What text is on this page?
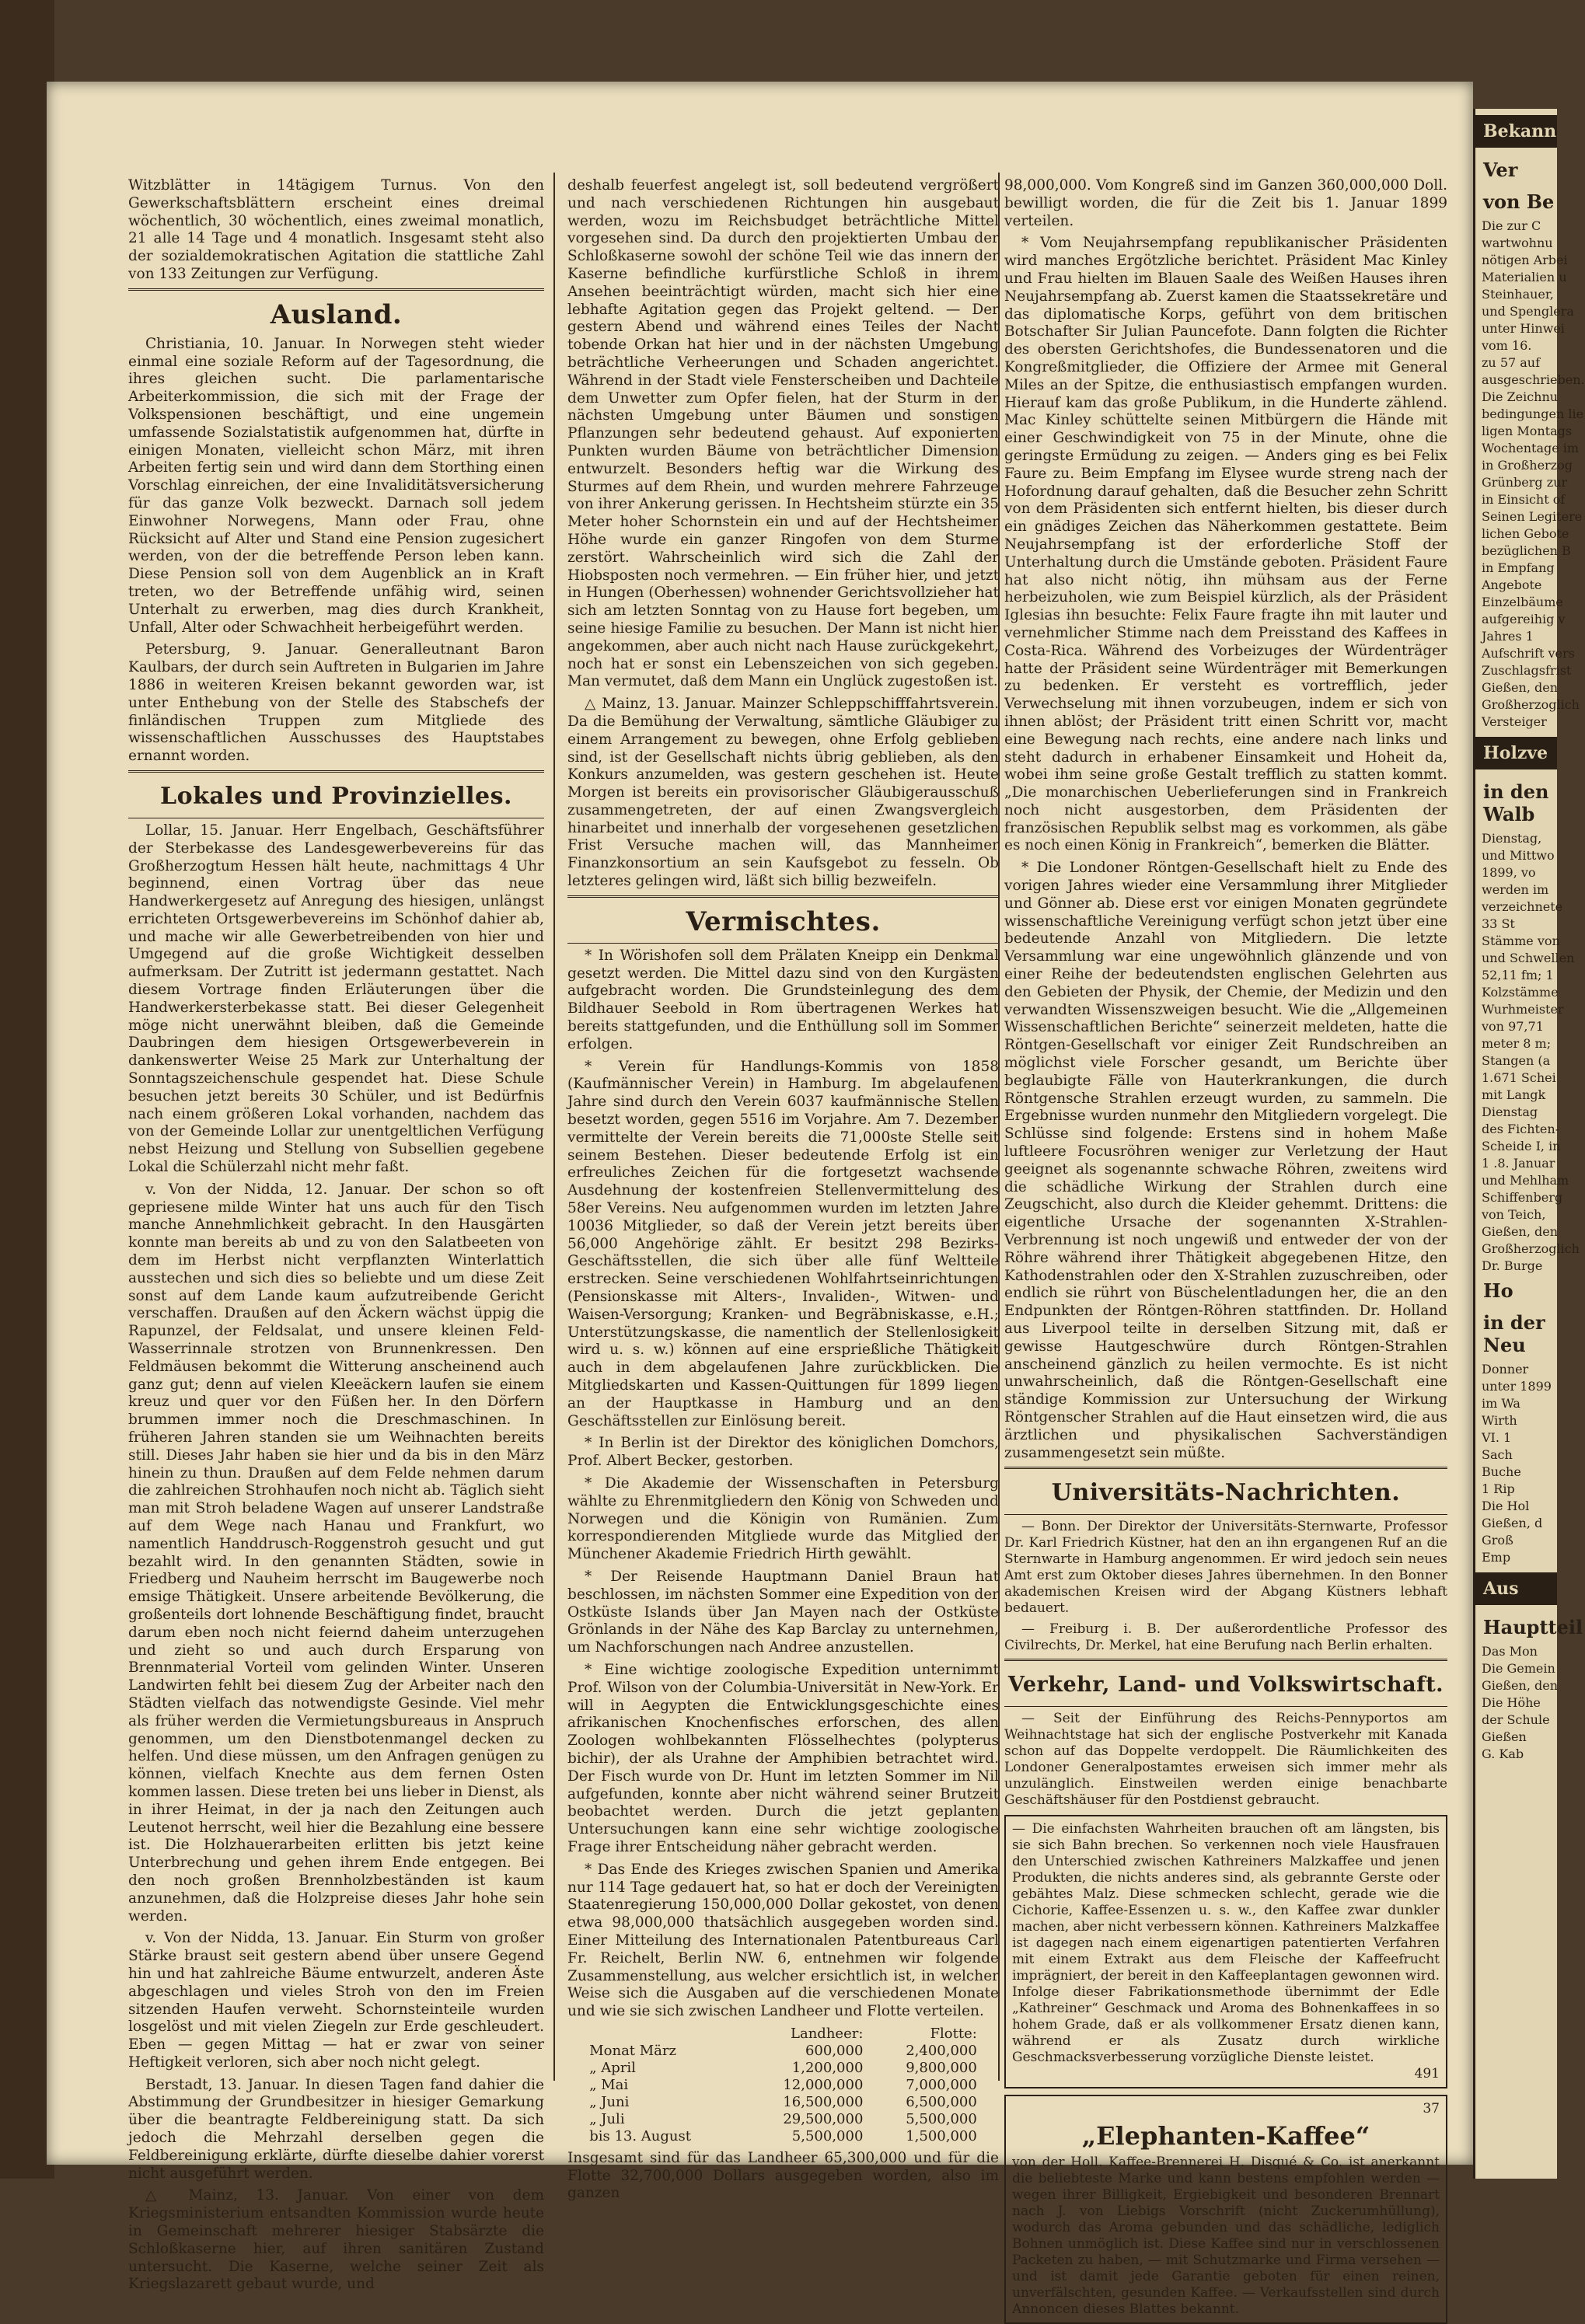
Witzblätter in 14tägigem Turnus. Von den Gewerkschaftsblättern erscheint eines dreimal wöchentlich, 30 wöchentlich, eines zweimal monatlich, 21 alle 14 Tage und 4 monatlich. Insgesamt steht also der sozialdemokratischen Agitation die stattliche Zahl von 133 Zeitungen zur Verfügung.

Ausland.

Christiania, 10. Januar. In Norwegen steht wieder einmal eine soziale Reform auf der Tagesordnung, die ihres gleichen sucht. Die parlamentarische Arbeiterkommission, die sich mit der Frage der Volkspensionen beschäftigt, und eine ungemein umfassende Sozialstatistik aufgenommen hat, dürfte in einigen Monaten, vielleicht schon März, mit ihren Arbeiten fertig sein und wird dann dem Storthing einen Vorschlag einreichen, der eine Invaliditätsversicherung für das ganze Volk bezweckt. Darnach soll jedem Einwohner Norwegens, Mann oder Frau, ohne Rücksicht auf Alter und Stand eine Pension zugesichert werden, von der die betreffende Person leben kann. Diese Pension soll von dem Augenblick an in Kraft treten, wo der Betreffende unfähig wird, seinen Unterhalt zu erwerben, mag dies durch Krankheit, Unfall, Alter oder Schwachheit herbeigeführt werden.

Petersburg, 9. Januar. Generalleutnant Baron Kaulbars, der durch sein Auftreten in Bulgarien im Jahre 1886 in weiteren Kreisen bekannt geworden war, ist unter Enthebung von der Stelle des Stabschefs der finländischen Truppen zum Mitgliede des wissenschaftlichen Ausschusses des Hauptstabes ernannt worden.

Lokales und Provinzielles.

Lollar, 15. Januar. Herr Engelbach, Geschäftsführer der Sterbekasse des Landesgewerbevereins für das Großherzogtum Hessen hält heute, nachmittags 4 Uhr beginnend, einen Vortrag über das neue Handwerkergesetz auf Anregung des hiesigen, unlängst errichteten Ortsgewerbevereins im Schönhof dahier ab, und mache wir alle Gewerbetreibenden von hier und Umgegend auf die große Wichtigkeit desselben aufmerksam. Der Zutritt ist jedermann gestattet. Nach diesem Vortrage finden Erläuterungen über die Handwerkersterbekasse statt. Bei dieser Gelegenheit möge nicht unerwähnt bleiben, daß die Gemeinde Daubringen dem hiesigen Ortsgewerbeverein in dankenswerter Weise 25 Mark zur Unterhaltung der Sonntagszeichenschule gespendet hat. Diese Schule besuchen jetzt bereits 30 Schüler, und ist Bedürfnis nach einem größeren Lokal vorhanden, nachdem das von der Gemeinde Lollar zur unentgeltlichen Verfügung nebst Heizung und Stellung von Subsellien gegebene Lokal die Schülerzahl nicht mehr faßt.

v. Von der Nidda, 12. Januar. Der schon so oft gepriesene milde Winter hat uns auch für den Tisch manche Annehmlichkeit gebracht. In den Hausgärten konnte man bereits ab und zu von den Salatbeeten von dem im Herbst nicht verpflanzten Winterlattich ausstechen und sich dies so beliebte und um diese Zeit sonst auf dem Lande kaum aufzutreibende Gericht verschaffen. Draußen auf den Äckern wächst üppig die Rapunzel, der Feldsalat, und unsere kleinen Feld-Wasserrinnale strotzen von Brunnenkressen. Den Feldmäusen bekommt die Witterung anscheinend auch ganz gut; denn auf vielen Kleeäckern laufen sie einem kreuz und quer vor den Füßen her. In den Dörfern brummen immer noch die Dreschmaschinen. In früheren Jahren standen sie um Weihnachten bereits still. Dieses Jahr haben sie hier und da bis in den März hinein zu thun. Draußen auf dem Felde nehmen darum die zahlreichen Strohhaufen noch nicht ab. Täglich sieht man mit Stroh beladene Wagen auf unserer Landstraße auf dem Wege nach Hanau und Frankfurt, wo namentlich Handdrusch-Roggenstroh gesucht und gut bezahlt wird. In den genannten Städten, sowie in Friedberg und Nauheim herrscht im Baugewerbe noch emsige Thätigkeit. Unsere arbeitende Bevölkerung, die großenteils dort lohnende Beschäftigung findet, braucht darum eben noch nicht feiernd daheim unterzugehen und zieht so und auch durch Ersparung von Brennmaterial Vorteil vom gelinden Winter. Unseren Landwirten fehlt bei diesem Zug der Arbeiter nach den Städten vielfach das notwendigste Gesinde. Viel mehr als früher werden die Vermietungsbureaus in Anspruch genommen, um den Dienstbotenmangel decken zu helfen. Und diese müssen, um den Anfragen genügen zu können, vielfach Knechte aus dem fernen Osten kommen lassen. Diese treten bei uns lieber in Dienst, als in ihrer Heimat, in der ja nach den Zeitungen auch Leutenot herrscht, weil hier die Bezahlung eine bessere ist. Die Holzhauerarbeiten erlitten bis jetzt keine Unterbrechung und gehen ihrem Ende entgegen. Bei den noch großen Brennholzbeständen ist kaum anzunehmen, daß die Holzpreise dieses Jahr hohe sein werden.

v. Von der Nidda, 13. Januar. Ein Sturm von großer Stärke braust seit gestern abend über unsere Gegend hin und hat zahlreiche Bäume entwurzelt, anderen Äste abgeschlagen und vieles Stroh von den im Freien sitzenden Haufen verweht. Schornsteinteile wurden losgelöst und mit vielen Ziegeln zur Erde geschleudert. Eben — gegen Mittag — hat er zwar von seiner Heftigkeit verloren, sich aber noch nicht gelegt.

Berstadt, 13. Januar. In diesen Tagen fand dahier die Abstimmung der Grundbesitzer in hiesiger Gemarkung über die beantragte Feldbereinigung statt. Da sich jedoch die Mehrzahl derselben gegen die Feldbereinigung erklärte, dürfte dieselbe dahier vorerst nicht ausgeführt werden.

△ Mainz, 13. Januar. Von einer von dem Kriegsministerium entsandten Kommission wurde heute in Gemeinschaft mehrerer hiesiger Stabsärzte die Schloßkaserne hier, auf ihren sanitären Zustand untersucht. Die Kaserne, welche seiner Zeit als Kriegslazarett gebaut wurde, und

deshalb feuerfest angelegt ist, soll bedeutend vergrößert und nach verschiedenen Richtungen hin ausgebaut werden, wozu im Reichsbudget beträchtliche Mittel vorgesehen sind. Da durch den projektierten Umbau der Schloßkaserne sowohl der schöne Teil wie das innern der Kaserne befindliche kurfürstliche Schloß in ihrem Ansehen beeinträchtigt würden, macht sich hier eine lebhafte Agitation gegen das Projekt geltend. — Der gestern Abend und während eines Teiles der Nacht tobende Orkan hat hier und in der nächsten Umgebung beträchtliche Verheerungen und Schaden angerichtet. Während in der Stadt viele Fensterscheiben und Dachteile dem Unwetter zum Opfer fielen, hat der Sturm in der nächsten Umgebung unter Bäumen und sonstigen Pflanzungen sehr bedeutend gehaust. Auf exponierten Punkten wurden Bäume von beträchtlicher Dimension entwurzelt. Besonders heftig war die Wirkung des Sturmes auf dem Rhein, und wurden mehrere Fahrzeuge von ihrer Ankerung gerissen. In Hechtsheim stürzte ein 35 Meter hoher Schornstein ein und auf der Hechtsheimer Höhe wurde ein ganzer Ringofen von dem Sturme zerstört. Wahrscheinlich wird sich die Zahl der Hiobsposten noch vermehren. — Ein früher hier, und jetzt in Hungen (Oberhessen) wohnender Gerichtsvollzieher hat sich am letzten Sonntag von zu Hause fort begeben, um seine hiesige Familie zu besuchen. Der Mann ist nicht hier angekommen, aber auch nicht nach Hause zurückgekehrt, noch hat er sonst ein Lebenszeichen von sich gegeben. Man vermutet, daß dem Mann ein Unglück zugestoßen ist.

△ Mainz, 13. Januar. Mainzer Schleppschifffahrtsverein. Da die Bemühung der Verwaltung, sämtliche Gläubiger zu einem Arrangement zu bewegen, ohne Erfolg geblieben sind, ist der Gesellschaft nichts übrig geblieben, als den Konkurs anzumelden, was gestern geschehen ist. Heute Morgen ist bereits ein provisorischer Gläubigerausschuß zusammengetreten, der auf einen Zwangsvergleich hinarbeitet und innerhalb der vorgesehenen gesetzlichen Frist Versuche machen will, das Mannheimer Finanzkonsortium an sein Kaufsgebot zu fesseln. Ob letzteres gelingen wird, läßt sich billig bezweifeln.

Vermischtes.

* In Wörishofen soll dem Prälaten Kneipp ein Denkmal gesetzt werden. Die Mittel dazu sind von den Kurgästen aufgebracht worden. Die Grundsteinlegung des dem Bildhauer Seebold in Rom übertragenen Werkes hat bereits stattgefunden, und die Enthüllung soll im Sommer erfolgen.

* Verein für Handlungs-Kommis von 1858 (Kaufmännischer Verein) in Hamburg. Im abgelaufenen Jahre sind durch den Verein 6037 kaufmännische Stellen besetzt worden, gegen 5516 im Vorjahre. Am 7. Dezember vermittelte der Verein bereits die 71,000ste Stelle seit seinem Bestehen. Dieser bedeutende Erfolg ist ein erfreuliches Zeichen für die fortgesetzt wachsende Ausdehnung der kostenfreien Stellenvermittelung des 58er Vereins. Neu aufgenommen wurden im letzten Jahre 10036 Mitglieder, so daß der Verein jetzt bereits über 56,000 Angehörige zählt. Er besitzt 298 Bezirks-Geschäftsstellen, die sich über alle fünf Weltteile erstrecken. Seine verschiedenen Wohlfahrtseinrichtungen (Pensionskasse mit Alters-, Invaliden-, Witwen- und Waisen-Versorgung; Kranken- und Begräbniskasse, e.H.; Unterstützungskasse, die namentlich der Stellenlosigkeit wird u. s. w.) können auf eine ersprießliche Thätigkeit auch in dem abgelaufenen Jahre zurückblicken. Die Mitgliedskarten und Kassen-Quittungen für 1899 liegen an der Hauptkasse in Hamburg und an den Geschäftsstellen zur Einlösung bereit.

* In Berlin ist der Direktor des königlichen Domchors, Prof. Albert Becker, gestorben.

* Die Akademie der Wissenschaften in Petersburg wählte zu Ehrenmitgliedern den König von Schweden und Norwegen und die Königin von Rumänien. Zum korrespondierenden Mitgliede wurde das Mitglied der Münchener Akademie Friedrich Hirth gewählt.

* Der Reisende Hauptmann Daniel Braun hat beschlossen, im nächsten Sommer eine Expedition von der Ostküste Islands über Jan Mayen nach der Ostküste Grönlands in der Nähe des Kap Barclay zu unternehmen, um Nachforschungen nach Andree anzustellen.

* Eine wichtige zoologische Expedition unternimmt Prof. Wilson von der Columbia-Universität in New-York. Er will in Aegypten die Entwicklungsgeschichte eines afrikanischen Knochenfisches erforschen, des allen Zoologen wohlbekannten Flösselhechtes (polypterus bichir), der als Urahne der Amphibien betrachtet wird. Der Fisch wurde von Dr. Hunt im letzten Sommer im Nil aufgefunden, konnte aber nicht während seiner Brutzeit beobachtet werden. Durch die jetzt geplanten Untersuchungen kann eine sehr wichtige zoologische Frage ihrer Entscheidung näher gebracht werden.

* Das Ende des Krieges zwischen Spanien und Amerika nur 114 Tage gedauert hat, so hat er doch der Vereinigten Staatenregierung 150,000,000 Dollar gekostet, von denen etwa 98,000,000 thatsächlich ausgegeben worden sind. Einer Mitteilung des Internationalen Patentbureaus Carl Fr. Reichelt, Berlin NW. 6, entnehmen wir folgende Zusammenstellung, aus welcher ersichtlich ist, in welcher Weise sich die Ausgaben auf die verschiedenen Monate und wie sie sich zwischen Landheer und Flotte verteilen.

	Landheer:	Flotte:
Monat März	600,000	2,400,000
„ April	1,200,000	9,800,000
„ Mai	12,000,000	7,000,000
„ Juni	16,500,000	6,500,000
„ Juli	29,500,000	5,500,000
bis 13. August	5,500,000	1,500,000

Insgesamt sind für das Landheer 65,300,000 und für die Flotte 32,700,000 Dollars ausgegeben worden, also im ganzen

98,000,000. Vom Kongreß sind im Ganzen 360,000,000 Doll. bewilligt worden, die für die Zeit bis 1. Januar 1899 verteilen.

* Vom Neujahrsempfang republikanischer Präsidenten wird manches Ergötzliche berichtet. Präsident Mac Kinley und Frau hielten im Blauen Saale des Weißen Hauses ihren Neujahrsempfang ab. Zuerst kamen die Staatssekretäre und das diplomatische Korps, geführt von dem britischen Botschafter Sir Julian Pauncefote. Dann folgten die Richter des obersten Gerichtshofes, die Bundessenatoren und die Kongreßmitglieder, die Offiziere der Armee mit General Miles an der Spitze, die enthusiastisch empfangen wurden. Hierauf kam das große Publikum, in die Hunderte zählend. Mac Kinley schüttelte seinen Mitbürgern die Hände mit einer Geschwindigkeit von 75 in der Minute, ohne die geringste Ermüdung zu zeigen. — Anders ging es bei Felix Faure zu. Beim Empfang im Elysee wurde streng nach der Hofordnung darauf gehalten, daß die Besucher zehn Schritt von dem Präsidenten sich entfernt hielten, bis dieser durch ein gnädiges Zeichen das Näherkommen gestattete. Beim Neujahrsempfang ist der erforderliche Stoff der Unterhaltung durch die Umstände geboten. Präsident Faure hat also nicht nötig, ihn mühsam aus der Ferne herbeizuholen, wie zum Beispiel kürzlich, als der Präsident Iglesias ihn besuchte: Felix Faure fragte ihn mit lauter und vernehmlicher Stimme nach dem Preisstand des Kaffees in Costa-Rica. Während des Vorbeizuges der Würdenträger hatte der Präsident seine Würdenträger mit Bemerkungen zu bedenken. Er versteht es vortrefflich, jeder Verwechselung mit ihnen vorzubeugen, indem er sich von ihnen ablöst; der Präsident tritt einen Schritt vor, macht eine Bewegung nach rechts, eine andere nach links und steht dadurch in erhabener Einsamkeit und Hoheit da, wobei ihm seine große Gestalt trefflich zu statten kommt. „Die monarchischen Ueberlieferungen sind in Frankreich noch nicht ausgestorben, dem Präsidenten der französischen Republik selbst mag es vorkommen, als gäbe es noch einen König in Frankreich“, bemerken die Blätter.

* Die Londoner Röntgen-Gesellschaft hielt zu Ende des vorigen Jahres wieder eine Versammlung ihrer Mitglieder und Gönner ab. Diese erst vor einigen Monaten gegründete wissenschaftliche Vereinigung verfügt schon jetzt über eine bedeutende Anzahl von Mitgliedern. Die letzte Versammlung war eine ungewöhnlich glänzende und von einer Reihe der bedeutendsten englischen Gelehrten aus den Gebieten der Physik, der Chemie, der Medizin und den verwandten Wissenszweigen besucht. Wie die „Allgemeinen Wissenschaftlichen Berichte“ seinerzeit meldeten, hatte die Röntgen-Gesellschaft vor einiger Zeit Rundschreiben an möglichst viele Forscher gesandt, um Berichte über beglaubigte Fälle von Hauterkrankungen, die durch Röntgensche Strahlen erzeugt wurden, zu sammeln. Die Ergebnisse wurden nunmehr den Mitgliedern vorgelegt. Die Schlüsse sind folgende: Erstens sind in hohem Maße luftleere Focusröhren weniger zur Verletzung der Haut geeignet als sogenannte schwache Röhren, zweitens wird die schädliche Wirkung der Strahlen durch eine Zeugschicht, also durch die Kleider gehemmt. Drittens: die eigentliche Ursache der sogenannten X-Strahlen-Verbrennung ist noch ungewiß und entweder der von der Röhre während ihrer Thätigkeit abgegebenen Hitze, den Kathodenstrahlen oder den X-Strahlen zuzuschreiben, oder endlich sie rührt von Büschelentladungen her, die an den Endpunkten der Röntgen-Röhren stattfinden. Dr. Holland aus Liverpool teilte in derselben Sitzung mit, daß er gewisse Hautgeschwüre durch Röntgen-Strahlen anscheinend gänzlich zu heilen vermochte. Es ist nicht unwahrscheinlich, daß die Röntgen-Gesellschaft eine ständige Kommission zur Untersuchung der Wirkung Röntgenscher Strahlen auf die Haut einsetzen wird, die aus ärztlichen und physikalischen Sachverständigen zusammengesetzt sein müßte.

Universitäts-Nachrichten.

— Bonn. Der Direktor der Universitäts-Sternwarte, Professor Dr. Karl Friedrich Küstner, hat den an ihn ergangenen Ruf an die Sternwarte in Hamburg angenommen. Er wird jedoch sein neues Amt erst zum Oktober dieses Jahres übernehmen. In den Bonner akademischen Kreisen wird der Abgang Küstners lebhaft bedauert.

— Freiburg i. B. Der außerordentliche Professor des Civilrechts, Dr. Merkel, hat eine Berufung nach Berlin erhalten.

Verkehr, Land- und Volkswirtschaft.

— Seit der Einführung des Reichs-Pennyportos am Weihnachtstage hat sich der englische Postverkehr mit Kanada schon auf das Doppelte verdoppelt. Die Räumlichkeiten des Londoner Generalpostamtes erweisen sich immer mehr als unzulänglich. Einstweilen werden einige benachbarte Geschäftshäuser für den Postdienst gebraucht.

— Die einfachsten Wahrheiten brauchen oft am längsten, bis sie sich Bahn brechen. So verkennen noch viele Hausfrauen den Unterschied zwischen Kathreiners Malzkaffee und jenen Produkten, die nichts anderes sind, als gebrannte Gerste oder gebähtes Malz. Diese schmecken schlecht, gerade wie die Cichorie, Kaffee-Essenzen u. s. w., den Kaffee zwar dunkler machen, aber nicht verbessern können. Kathreiners Malzkaffee ist dagegen nach einem eigenartigen patentierten Verfahren mit einem Extrakt aus dem Fleische der Kaffeefrucht imprägniert, der bereit in den Kaffeeplantagen gewonnen wird. Infolge dieser Fabrikationsmethode übernimmt der Edle „Kathreiner“ Geschmack und Aroma des Bohnenkaffees in so hohem Grade, daß er als vollkommener Ersatz dienen kann, während er als Zusatz durch wirkliche Geschmacksverbesserung vorzügliche Dienste leistet.
491
37
„Elephanten-Kaffee“
von der Holl. Kaffee-Brennerei H. Disqué & Co. ist anerkannt die beliebteste Marke und kann bestens empfohlen werden — wegen ihrer Billigkeit, Ergiebigkeit und besonderen Brennart nach J. von Liebigs Vorschrift (nicht Zuckerumhüllung), wodurch das Aroma gebunden und das schädliche, lediglich Bohnen unmöglich ist. Diese Kaffee sind nur in verschlossenen Packeten zu haben, — mit Schutzmarke und Firma versehen — und ist damit jede Garantie geboten für einen reinen, unverfälschten, gesunden Kaffee. — Verkaufsstellen sind durch Annoncen dieses Blattes bekannt.
Bekann
Ver
von Be
Die zur C
wartwohnu
nötigen Arbei
Materialien u
Steinhauer,
und Spenglera
unter Hinwei
vom 16.
zu 57 auf
ausgeschrieben.
Die Zeichnu
bedingungen lie
ligen Montags
Wochentage im
in Großherzog
Grünberg zur
in Einsicht of
Seinen Legitere
lichen Gebote
bezüglichen B
in Empfang
Angebote
Einzelbäume
aufgereihig v
Jahres 1
Aufschrift vers
Zuschlagsfrist
Gießen, den
Großherzoglich
Versteiger
Holzve
in den Walb
Dienstag,
und Mittwo
1899, vo
werden im
verzeichnete
33 St
Stämme von
und Schwellen
52,11 fm; 1
Kolzstämme
Wurhmeister
von 97,71
meter 8 m;
Stangen (a
1.671 Schei
mit Langk
Dienstag
des Fichten-
Scheide I, in
1 .8. Januar
und Mehlham
Schiffenberg
von Teich,
Gießen, den
Großherzoglich
Dr. Burge
Ho
in der Neu
Donner
unter 1899
im Wa
Wirth
VI. 1
Sach
Buche
1 Rip
Die Hol
Gießen, d
Groß
Emp
Aus
Hauptteil
Das Mon
Die Gemein
Gießen, den
Die Höhe
der Schule
Gießen
G. Kab
